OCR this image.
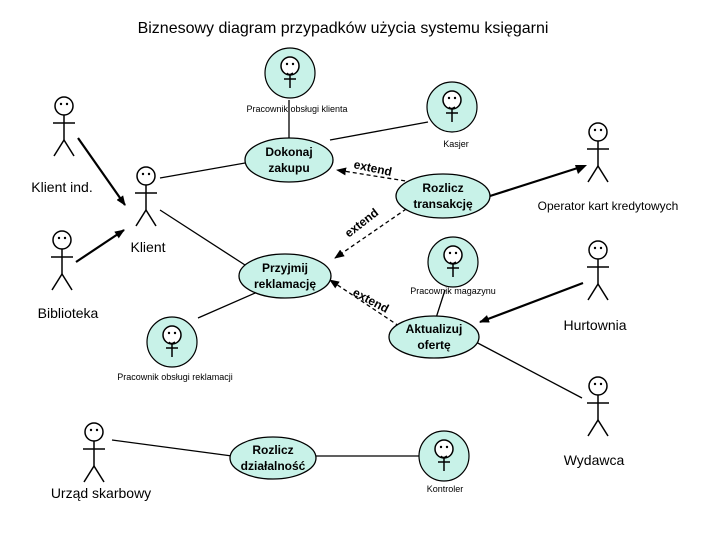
Biznesowy diagram przypadków użycia systemu księgarni
extend
extend
extend
Dokonaj
zakupu
Rozlicz
transakcję
Przyjmij
reklamację
Aktualizuj
ofertę
Rozlicz
działalność
Pracownik obsługi klienta
Kasjer
Pracownik magazynu
Pracownik obsługi reklamacji
Kontroler
Klient ind.
Klient
Biblioteka
Operator kart kredytowych
Hurtownia
Wydawca
Urząd skarbowy
